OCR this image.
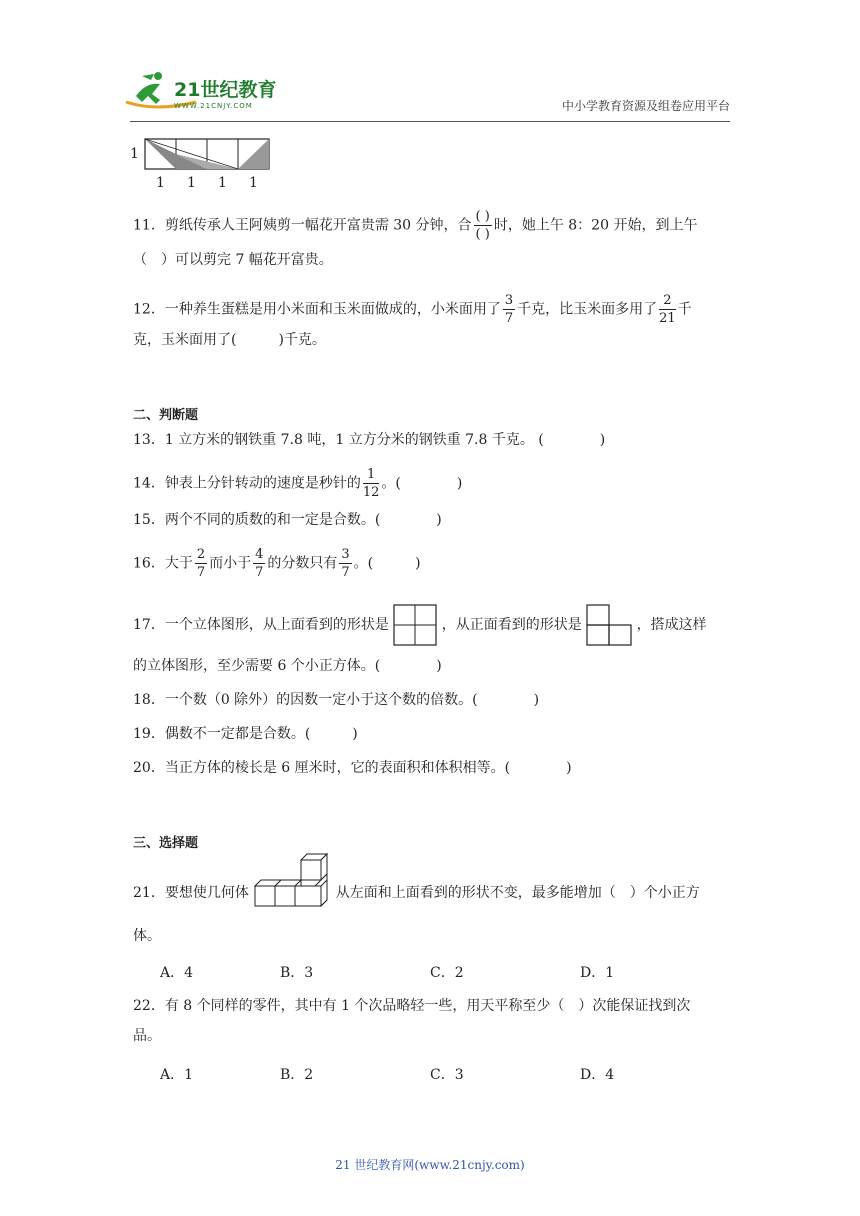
21世纪教育
WWW.21CNJY.COM	中小学教育资源及组卷应用平台
1
1 1 1 1
11．剪纸传承人王阿姨剪一幅花开富贵需 30 分钟，合 $\frac{( )}{( )}$ 时，她上午 8：20 开始，到上午
（　）可以剪完 7 幅花开富贵。
12．一种养生蛋糕是用小米面和玉米面做成的，小米面用了 $\frac{3}{7}$ 千克，比玉米面多用了 $\frac{2}{21}$ 千
克，玉米面用了(　　　)千克。
二、判断题
13．1 立方米的钢铁重 7.8 吨，1 立方分米的钢铁重 7.8 千克。 (　　　　)
14．钟表上分针转动的速度是秒针的 $\frac{1}{12}$ 。(　　　　)
15．两个不同的质数的和一定是合数。(　　　　)
16．大于 $\frac{2}{7}$ 而小于 $\frac{4}{7}$ 的分数只有 $\frac{3}{7}$ 。(　　　)
17．一个立体图形，从上面看到的形状是	，从正面看到的形状是	，搭成这样
的立体图形，至少需要 6 个小正方体。(　　　　)
18．一个数（0 除外）的因数一定小于这个数的倍数。(　　　　)
19．偶数不一定都是合数。(　　　)
20．当正方体的棱长是 6 厘米时，它的表面积和体积相等。(　　　　)
三、选择题
21．要想使几何体	从左面和上面看到的形状不变，最多能增加（　）个小正方
体。
A．4	B．3	C．2	D．1
22．有 8 个同样的零件，其中有 1 个次品略轻一些，用天平称至少（　）次能保证找到次
品。
A．1	B．2	C．3	D．4
21 世纪教育网(www.21cnjy.com)
